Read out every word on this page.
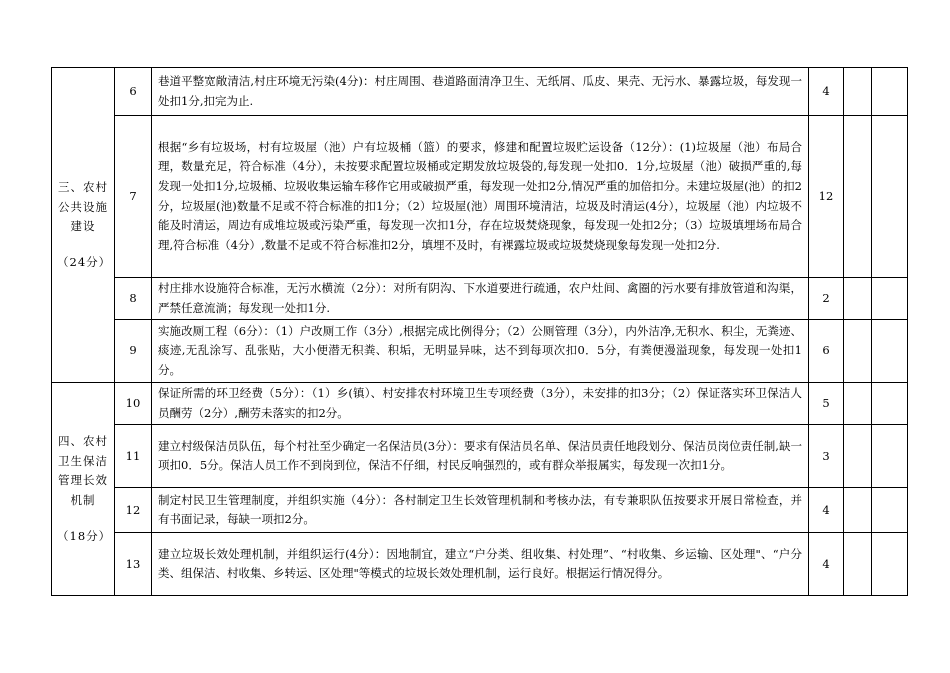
三、农村公共设施建设
（24分）	6	巷道平整宽敞清洁,村庄环境无污染(4分)：村庄周围、巷道路面清净卫生、无纸屑、瓜皮、果壳、无污水、暴露垃圾，每发现一处扣1分,扣完为止.	4		
	7	根据“乡有垃圾场，村有垃圾屋（池）户有垃圾桶（篮）的要求，修建和配置垃圾贮运设备（12分）：(1)垃圾屋（池）布局合理，数量充足，符合标准（4分），未按要求配置垃圾桶或定期发放垃圾袋的,每发现一处扣0．1分,垃圾屋（池）破损严重的,每发现一处扣1分,垃圾桶、垃圾收集运输车移作它用或破损严重，每发现一处扣2分,情况严重的加倍扣分。未建垃圾屋(池）的扣2分，垃圾屋(池)数量不足或不符合标准的扣1分；（2）垃圾屋(池）周围环境清洁，垃圾及时清运(4分），垃圾屋（池）内垃圾不能及时清运，周边有成堆垃圾或污染严重，每发现一次扣1分，存在垃圾焚烧现象，每发现一处扣2分；（3）垃圾填埋场布局合理,符合标准（4分）,数量不足或不符合标准扣2分，填埋不及时，有裸露垃圾或垃圾焚烧现象每发现一处扣2分.	12		
	8	村庄排水设施符合标准，无污水横流（2分）：对所有阴沟、下水道要进行疏通，农户灶间、禽圈的污水要有排放管道和沟渠，严禁任意流淌；每发现一处扣1分.	2		
	9	实施改厕工程（6分）：（1）户改厕工作（3分）,根据完成比例得分；（2）公厕管理（3分），内外洁净,无积水、积尘，无粪迹、痰迹,无乱涂写、乱张贴，大小便潜无积粪、积垢，无明显异味，达不到每项次扣0．5分，有粪便漫溢现象，每发现一处扣1分。	6		

四、农村卫生保洁管理长效机制
（18分）	10	保证所需的环卫经费（5分）：（1）乡(镇）、村安排农村环境卫生专项经费（3分），未安排的扣3分；（2）保证落实环卫保洁人员酬劳（2分）,酬劳未落实的扣2分。	5		
	11	建立村级保洁员队伍，每个村社至少确定一名保洁员(3分）：要求有保洁员名单、保洁员责任地段划分、保洁员岗位责任制,缺一项扣0．5分。保洁人员工作不到岗到位，保洁不仔细，村民反响强烈的，或有群众举报属实，每发现一次扣1分。	3		
	12	制定村民卫生管理制度，并组织实施（4分）：各村制定卫生长效管理机制和考核办法，有专兼职队伍按要求开展日常检查，并有书面记录，每缺一项扣2分。	4		
	13	建立垃圾长效处理机制，并组织运行(4分）：因地制宜，建立“户分类、组收集、村处理”、“村收集、乡运输、区处理"、“户分类、组保洁、村收集、乡转运、区处理"等模式的垃圾长效处理机制，运行良好。根据运行情况得分。	4		
